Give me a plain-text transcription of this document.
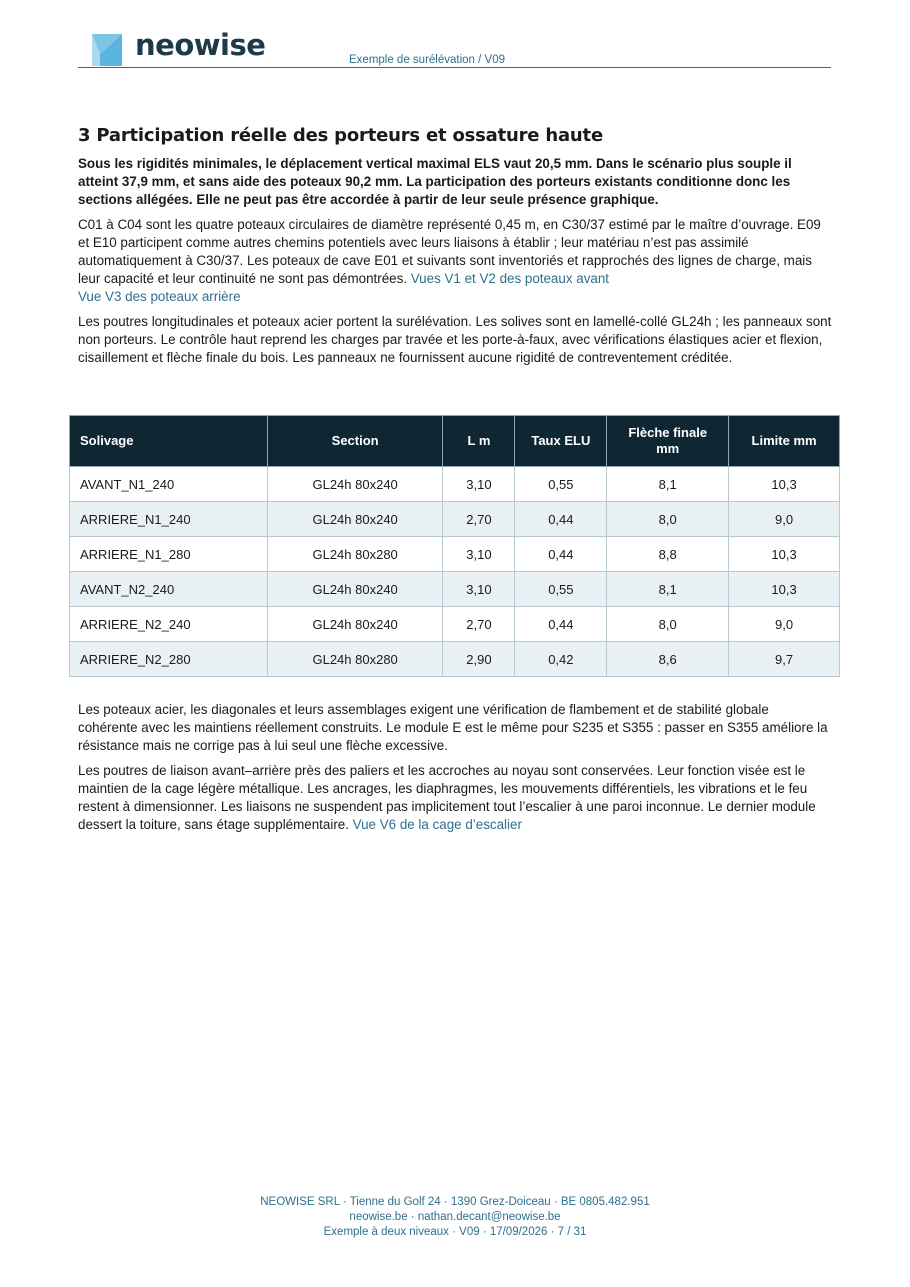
neowise	Exemple de surélévation / V09
3 Participation réelle des porteurs et ossature haute

Sous les rigidités minimales, le déplacement vertical maximal ELS vaut 20,5 mm. Dans le scénario plus souple il atteint 37,9 mm, et sans aide des poteaux 90,2 mm. La participation des porteurs existants conditionne donc les sections allégées. Elle ne peut pas être accordée à partir de leur seule présence graphique.

C01 à C04 sont les quatre poteaux circulaires de diamètre représenté 0,45 m, en C30/37 estimé par le maître d’ouvrage. E09 et E10 participent comme autres chemins potentiels avec leurs liaisons à établir ; leur matériau n’est pas assimilé automatiquement à C30/37. Les poteaux de cave E01 et suivants sont inventoriés et rapprochés des lignes de charge, mais leur capacité et leur continuité ne sont pas démontrées. Vues V1 et V2 des poteaux avant
Vue V3 des poteaux arrière

Les poutres longitudinales et poteaux acier portent la surélévation. Les solives sont en lamellé-collé GL24h ; les panneaux sont non porteurs. Le contrôle haut reprend les charges par travée et les porte-à-faux, avec vérifications élastiques acier et flexion, cisaillement et flèche finale du bois. Les panneaux ne fournissent aucune rigidité de contreventement créditée.

Solivage	Section	L m	Taux ELU	Flèche finale mm	Limite mm
AVANT_N1_240	GL24h 80x240	3,10	0,55	8,1	10,3
ARRIERE_N1_240	GL24h 80x240	2,70	0,44	8,0	9,0
ARRIERE_N1_280	GL24h 80x280	3,10	0,44	8,8	10,3
AVANT_N2_240	GL24h 80x240	3,10	0,55	8,1	10,3
ARRIERE_N2_240	GL24h 80x240	2,70	0,44	8,0	9,0
ARRIERE_N2_280	GL24h 80x280	2,90	0,42	8,6	9,7

Les poteaux acier, les diagonales et leurs assemblages exigent une vérification de flambement et de stabilité globale cohérente avec les maintiens réellement construits. Le module E est le même pour S235 et S355 : passer en S355 améliore la résistance mais ne corrige pas à lui seul une flèche excessive.

Les poutres de liaison avant–arrière près des paliers et les accroches au noyau sont conservées. Leur fonction visée est le maintien de la cage légère métallique. Les ancrages, les diaphragmes, les mouvements différentiels, les vibrations et le feu restent à dimensionner. Les liaisons ne suspendent pas implicitement tout l’escalier à une paroi inconnue. Le dernier module dessert la toiture, sans étage supplémentaire. Vue V6 de la cage d’escalier

NEOWISE SRL · Tienne du Golf 24 · 1390 Grez-Doiceau · BE 0805.482.951
neowise.be · nathan.decant@neowise.be
Exemple à deux niveaux · V09 · 17/09/2026 · 7 / 31
